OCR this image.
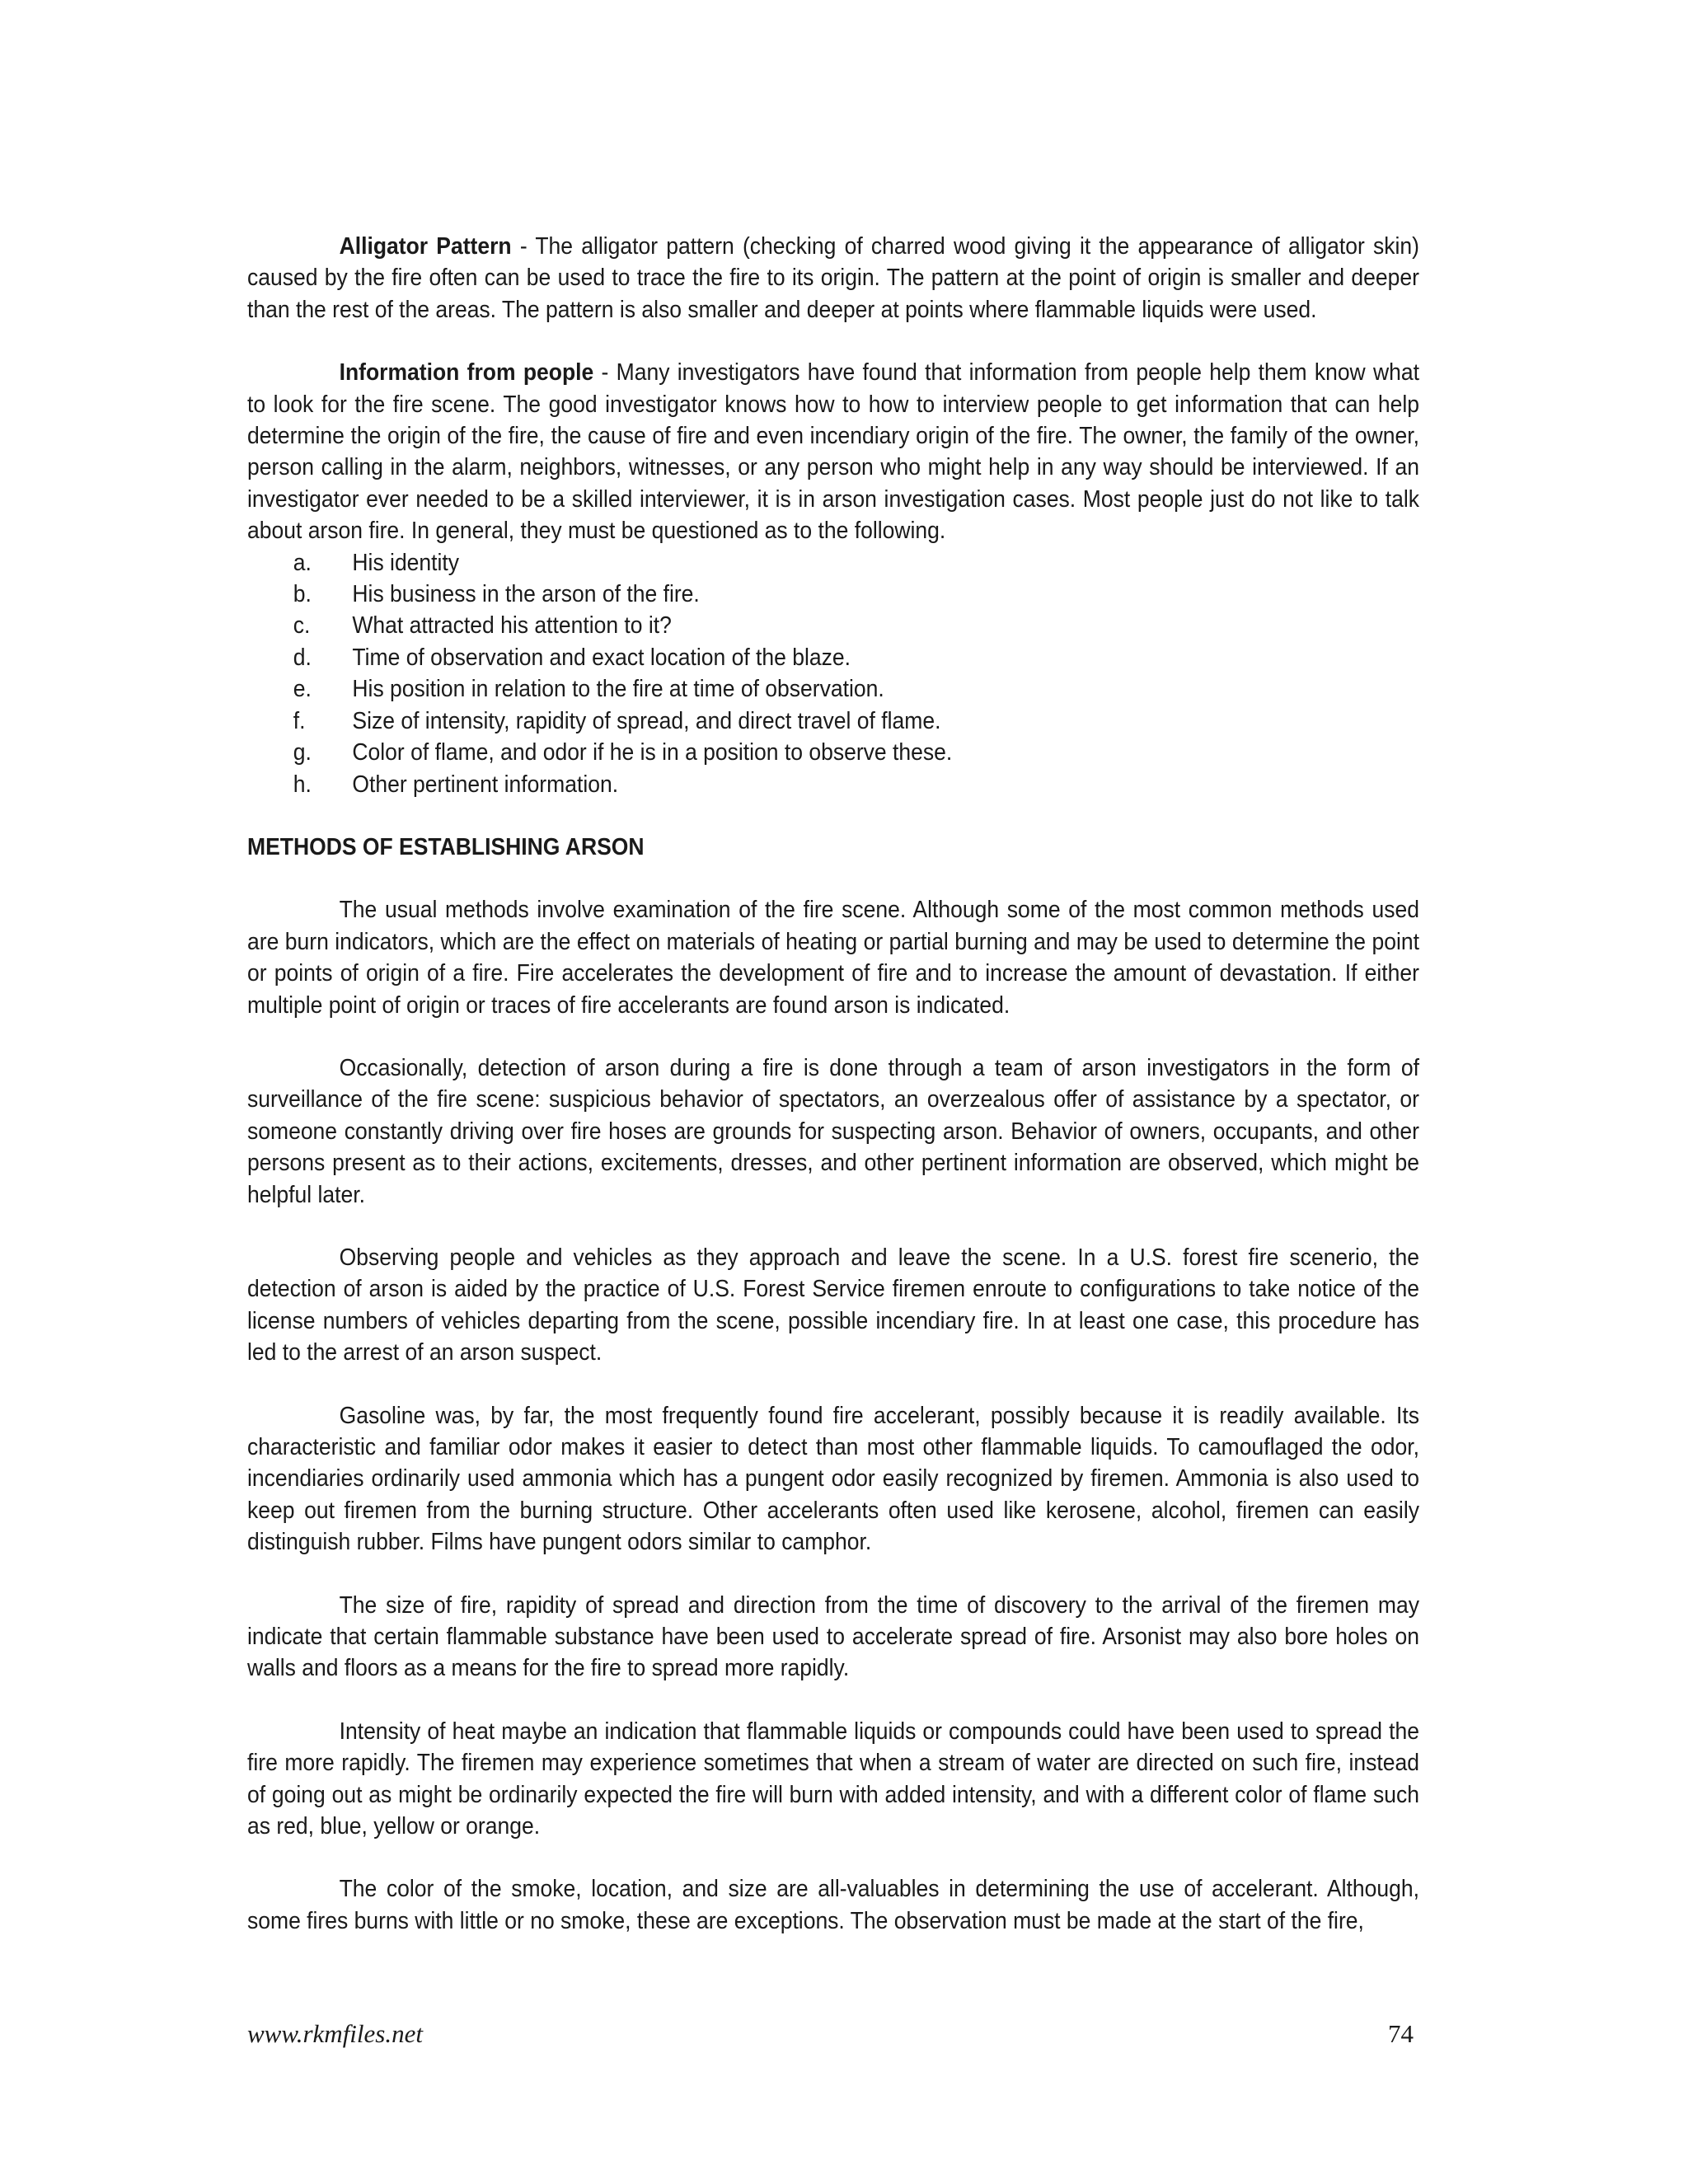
Alligator Pattern - The alligator pattern (checking of charred wood giving it the appearance of alligator skin) caused by the fire often can be used to trace the fire to its origin. The pattern at the point of origin is smaller and deeper than the rest of the areas. The pattern is also smaller and deeper at points where flammable liquids were used.

Information from people - Many investigators have found that information from people help them know what to look for the fire scene. The good investigator knows how to how to interview people to get information that can help determine the origin of the fire, the cause of fire and even incendiary origin of the fire. The owner, the family of the owner, person calling in the alarm, neighbors, witnesses, or any person who might help in any way should be interviewed. If an investigator ever needed to be a skilled interviewer, it is in arson investigation cases. Most people just do not like to talk about arson fire. In general, they must be questioned as to the following.

a.	His identity
b.	His business in the arson of the fire.
c.	What attracted his attention to it?
d.	Time of observation and exact location of the blaze.
e.	His position in relation to the fire at time of observation.
f.	Size of intensity, rapidity of spread, and direct travel of flame.
g.	Color of flame, and odor if he is in a position to observe these.
h.	Other pertinent information.
METHODS OF ESTABLISHING ARSON

The usual methods involve examination of the fire scene. Although some of the most common methods used are burn indicators, which are the effect on materials of heating or partial burning and may be used to determine the point or points of origin of a fire. Fire accelerates the development of fire and to increase the amount of devastation. If either multiple point of origin or traces of fire accelerants are found arson is indicated.

Occasionally, detection of arson during a fire is done through a team of arson investigators in the form of surveillance of the fire scene: suspicious behavior of spectators, an overzealous offer of assistance by a spectator, or someone constantly driving over fire hoses are grounds for suspecting arson. Behavior of owners, occupants, and other persons present as to their actions, excitements, dresses, and other pertinent information are observed, which might be helpful later.

Observing people and vehicles as they approach and leave the scene. In a U.S. forest fire scenerio, the detection of arson is aided by the practice of U.S. Forest Service firemen enroute to configurations to take notice of the license numbers of vehicles departing from the scene, possible incendiary fire. In at least one case, this procedure has led to the arrest of an arson suspect.

Gasoline was, by far, the most frequently found fire accelerant, possibly because it is readily available. Its characteristic and familiar odor makes it easier to detect than most other flammable liquids. To camouflaged the odor, incendiaries ordinarily used ammonia which has a pungent odor easily recognized by firemen. Ammonia is also used to keep out firemen from the burning structure. Other accelerants often used like kerosene, alcohol, firemen can easily distinguish rubber. Films have pungent odors similar to camphor.

The size of fire, rapidity of spread and direction from the time of discovery to the arrival of the firemen may indicate that certain flammable substance have been used to accelerate spread of fire. Arsonist may also bore holes on walls and floors as a means for the fire to spread more rapidly.

Intensity of heat maybe an indication that flammable liquids or compounds could have been used to spread the fire more rapidly. The firemen may experience sometimes that when a stream of water are directed on such fire, instead of going out as might be ordinarily expected the fire will burn with added intensity, and with a different color of flame such as red, blue, yellow or orange.

The color of the smoke, location, and size are all-valuables in determining the use of accelerant. Although, some fires burns with little or no smoke, these are exceptions. The observation must be made at the start of the fire,

www.rkmfiles.net	74
